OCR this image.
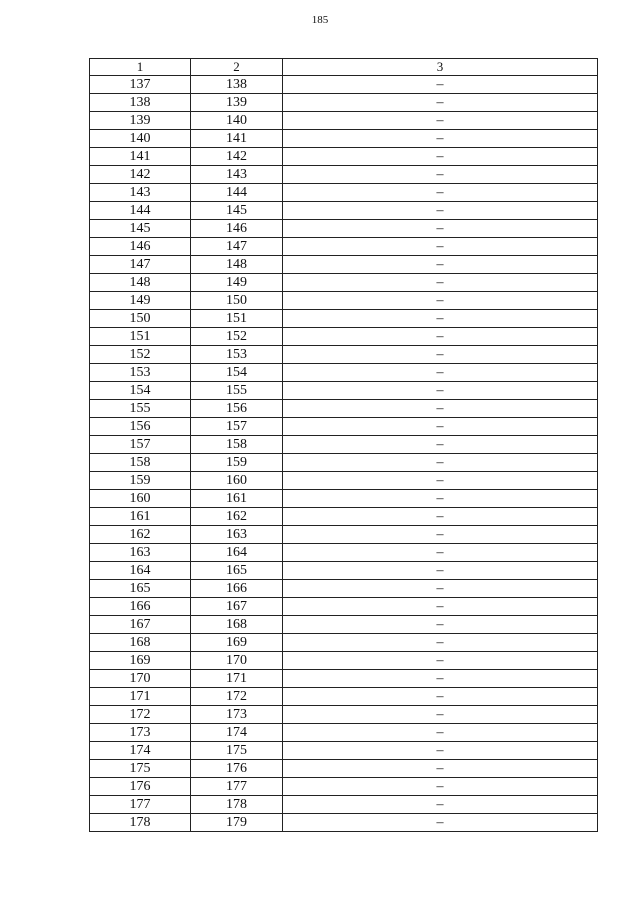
185
1	2	3
137	138	–
138	139	–
139	140	–
140	141	–
141	142	–
142	143	–
143	144	–
144	145	–
145	146	–
146	147	–
147	148	–
148	149	–
149	150	–
150	151	–
151	152	–
152	153	–
153	154	–
154	155	–
155	156	–
156	157	–
157	158	–
158	159	–
159	160	–
160	161	–
161	162	–
162	163	–
163	164	–
164	165	–
165	166	–
166	167	–
167	168	–
168	169	–
169	170	–
170	171	–
171	172	–
172	173	–
173	174	–
174	175	–
175	176	–
176	177	–
177	178	–
178	179	–
